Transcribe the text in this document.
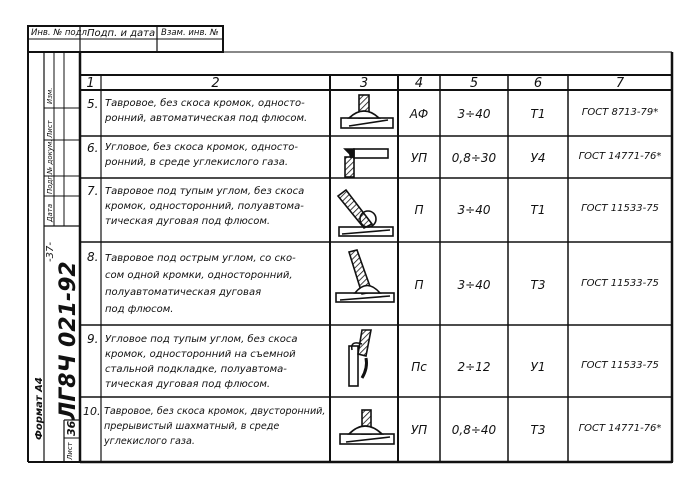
Инв. № подл.
Подп. и дата Взам. инв. №
Изм.
Лист
№ докум.
Подп.
Дата
-37-
ЛГ8Ч 021-92
Формат А4
Лист
36
1	2	3	4	5	6	7
5. Тавровое, без скоса кромок, односто-
ронний, автоматическая под флюсом.	АФ	3÷40	Т1	ГОСТ 8713-79*
6. Угловое, без скоса кромок, односто-
ронний, в среде углекислого газа.	УП	0,8÷30	У4	ГОСТ 14771-76*
7. Тавровое под тупым углом, без скоса
кромок, односторонний, полуавтома-
тическая дуговая под флюсом.
П	3÷40	Т1	ГОСТ 11533-75
8. Тавровое под острым углом, со ско-
сом одной кромки, односторонний,
полуавтоматическая дуговая
под флюсом.
П	3÷40	Т3	ГОСТ 11533-75
9. Угловое под тупым углом, без скоса
кромок, односторонний на съемной
стальной подкладке, полуавтома-
тическая дуговая под флюсом.
Пс	2÷12	У1	ГОСТ 11533-75
10. Тавровое, без скоса кромок, двусторонний,
прерывистый шахматный, в среде
углекислого газа.
УП	0,8÷40	Т3	ГОСТ 14771-76*
